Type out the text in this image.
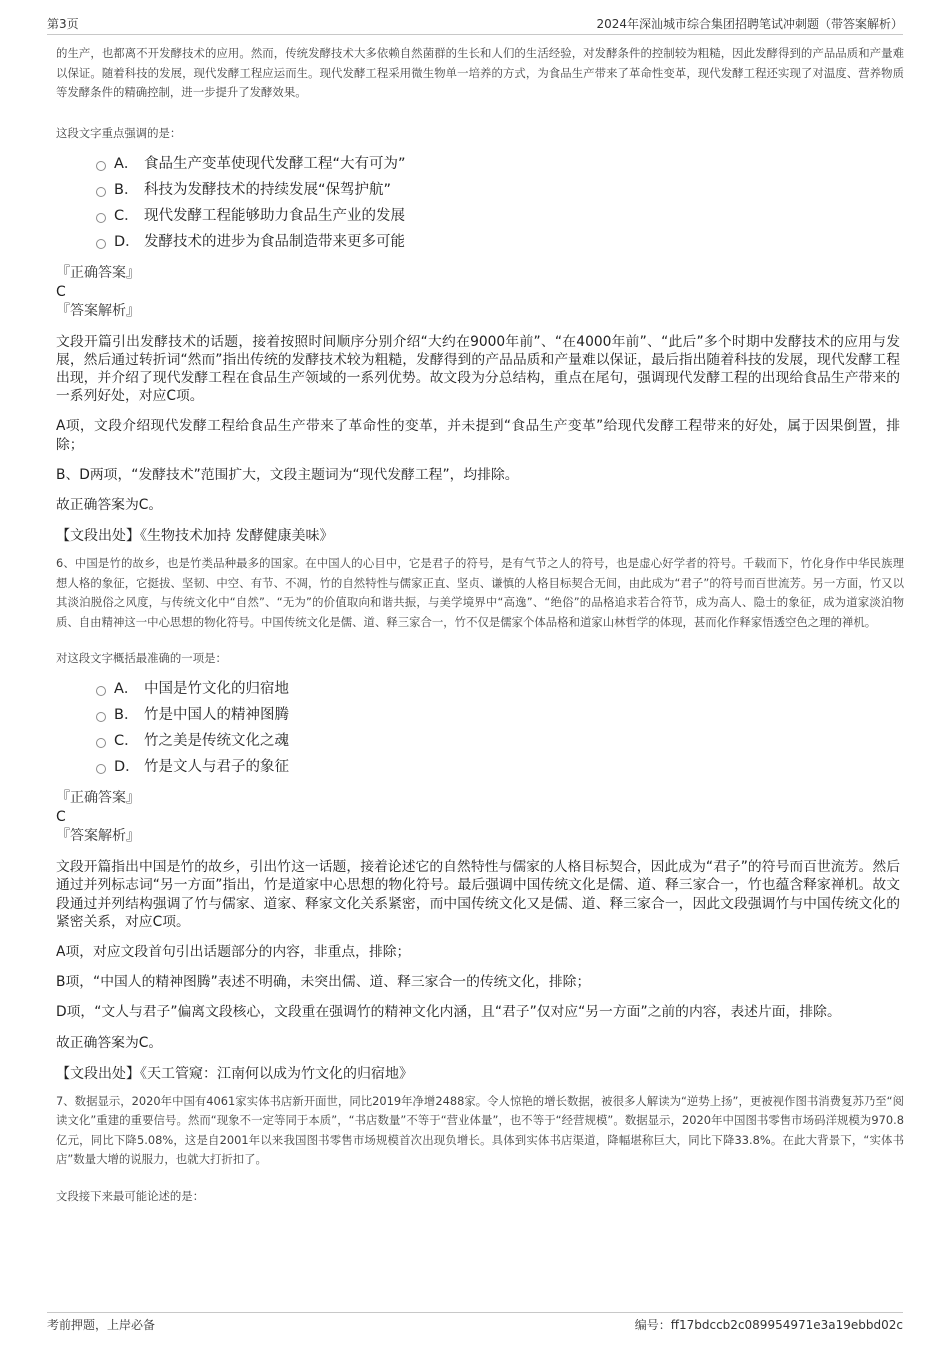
第3页	2024年深汕城市综合集团招聘笔试冲刺题（带答案解析）

的生产，也都离不开发酵技术的应用。然而，传统发酵技术大多依赖自然菌群的生长和人们的生活经验，对发酵条件的控制较为粗糙，因此发酵得到的产品品质和产量难以保证。随着科技的发展，现代发酵工程应运而生。现代发酵工程采用微生物单一培养的方式，为食品生产带来了革命性变革，现代发酵工程还实现了对温度、营养物质等发酵条件的精确控制，进一步提升了发酵效果。

这段文字重点强调的是：

A． 食品生产变革使现代发酵工程“大有可为”
B． 科技为发酵技术的持续发展“保驾护航”
C． 现代发酵工程能够助力食品生产业的发展
D． 发酵技术的进步为食品制造带来更多可能

『正确答案』

C

『答案解析』

文段开篇引出发酵技术的话题，接着按照时间顺序分别介绍“大约在9000年前”、“在4000年前”、“此后”多个时期中发酵技术的应用与发展，然后通过转折词“然而”指出传统的发酵技术较为粗糙，发酵得到的产品品质和产量难以保证，最后指出随着科技的发展，现代发酵工程出现，并介绍了现代发酵工程在食品生产领域的一系列优势。故文段为分总结构，重点在尾句，强调现代发酵工程的出现给食品生产带来的一系列好处，对应C项。

A项，文段介绍现代发酵工程给食品生产带来了革命性的变革，并未提到“食品生产变革”给现代发酵工程带来的好处，属于因果倒置，排除；

B、D两项，“发酵技术”范围扩大，文段主题词为“现代发酵工程”，均排除。

故正确答案为C。

【文段出处】《生物技术加持 发酵健康美味》

6、中国是竹的故乡，也是竹类品种最多的国家。在中国人的心目中，它是君子的符号，是有气节之人的符号，也是虚心好学者的符号。千载而下，竹化身作中华民族理想人格的象征，它挺拔、坚韧、中空、有节、不凋，竹的自然特性与儒家正直、坚贞、谦慎的人格目标契合无间，由此成为“君子”的符号而百世流芳。另一方面，竹又以其淡泊脱俗之风度，与传统文化中“自然”、“无为”的价值取向和谐共振，与美学境界中“高逸”、“绝俗”的品格追求若合符节，成为高人、隐士的象征，成为道家淡泊物质、自由精神这一中心思想的物化符号。中国传统文化是儒、道、释三家合一，竹不仅是儒家个体品格和道家山林哲学的体现，甚而化作释家悟透空色之理的禅机。

对这段文字概括最准确的一项是：

A． 中国是竹文化的归宿地
B． 竹是中国人的精神图腾
C． 竹之美是传统文化之魂
D． 竹是文人与君子的象征

『正确答案』

C

『答案解析』

文段开篇指出中国是竹的故乡，引出竹这一话题，接着论述它的自然特性与儒家的人格目标契合，因此成为“君子”的符号而百世流芳。然后通过并列标志词“另一方面”指出，竹是道家中心思想的物化符号。最后强调中国传统文化是儒、道、释三家合一，竹也蕴含释家禅机。故文段通过并列结构强调了竹与儒家、道家、释家文化关系紧密，而中国传统文化又是儒、道、释三家合一，因此文段强调竹与中国传统文化的紧密关系，对应C项。

A项，对应文段首句引出话题部分的内容，非重点，排除；

B项，“中国人的精神图腾”表述不明确，未突出儒、道、释三家合一的传统文化，排除；

D项，“文人与君子”偏离文段核心，文段重在强调竹的精神文化内涵，且“君子”仅对应“另一方面”之前的内容，表述片面，排除。

故正确答案为C。

【文段出处】《天工管窥：江南何以成为竹文化的归宿地》

7、数据显示，2020年中国有4061家实体书店新开面世，同比2019年净增2488家。令人惊艳的增长数据，被很多人解读为“逆势上扬”，更被视作图书消费复苏乃至“阅读文化”重建的重要信号。然而“现象不一定等同于本质”，“书店数量”不等于“营业体量”，也不等于“经营规模”。数据显示，2020年中国图书零售市场码洋规模为970.8亿元，同比下降5.08%，这是自2001年以来我国图书零售市场规模首次出现负增长。具体到实体书店渠道，降幅堪称巨大，同比下降33.8%。在此大背景下，“实体书店”数量大增的说服力，也就大打折扣了。

文段接下来最可能论述的是：

考前押题，上岸必备	编号：ff17bdccb2c089954971e3a19ebbd02c
